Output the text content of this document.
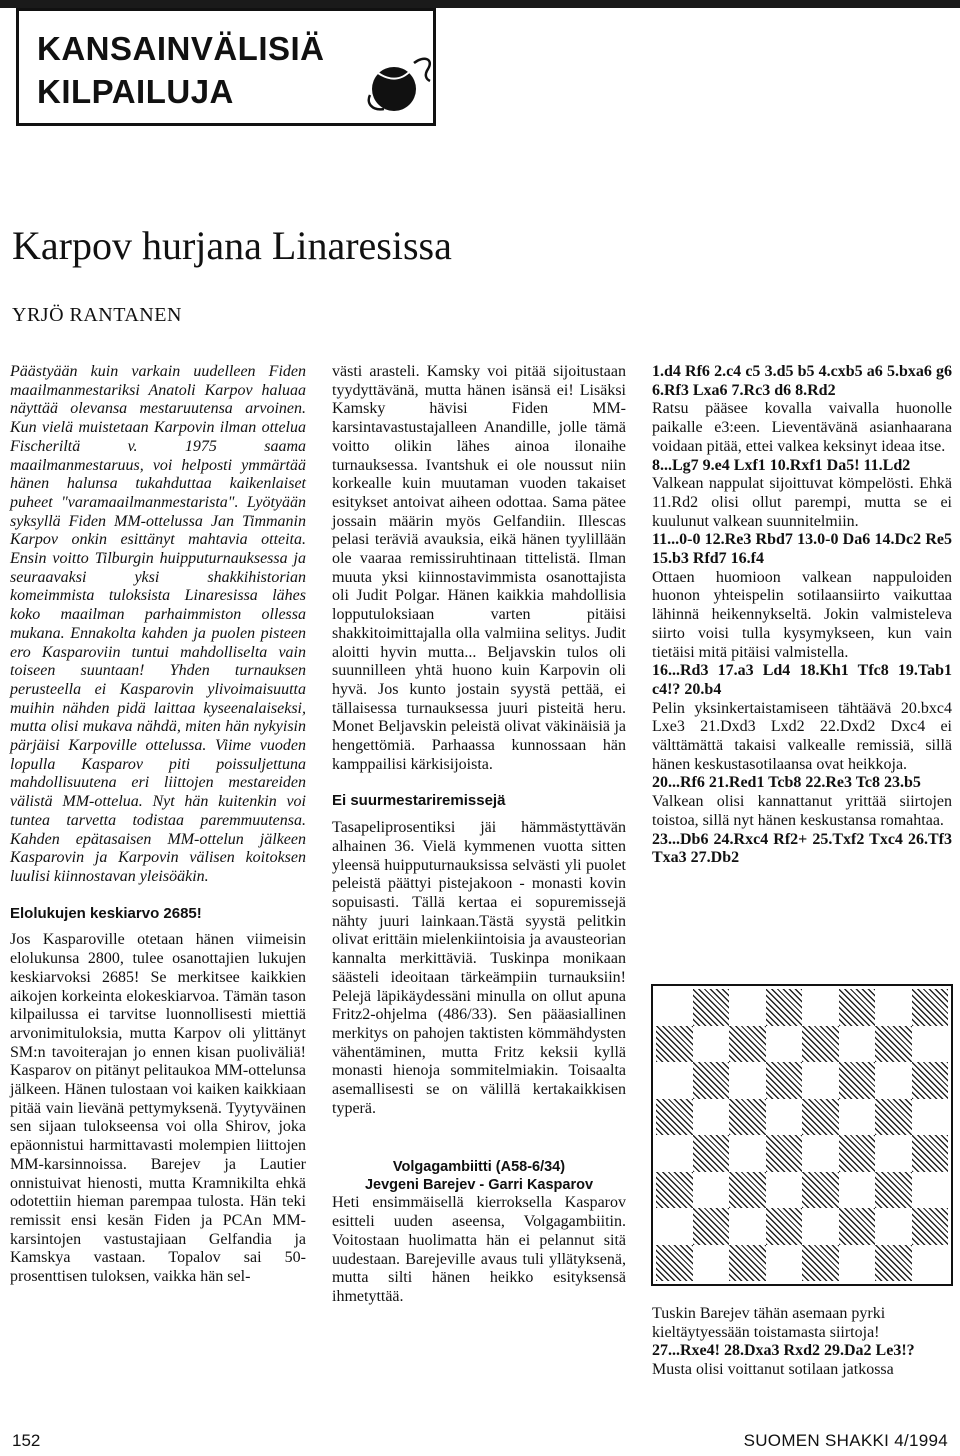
KANSAINVÄLISIÄ
KILPAILUJA
Karpov hurjana Linaresissa
YRJÖ RANTANEN

Päästyään kuin varkain uudelleen Fiden maailmanmestariksi Anatoli Karpov haluaa näyttää olevansa mestaruutensa arvoinen. Kun vielä muistetaan Karpovin ilman ottelua Fischeriltä v. 1975 saama maailmanmestaruus, voi helposti ymmärtää hänen halunsa tukahduttaa kaikenlaiset puheet "varamaailmanmestarista". Lyötyään syksyllä Fiden MM-ottelussa Jan Timmanin Karpov onkin esittänyt mahtavia otteita. Ensin voitto Tilburgin huipputurnauksessa ja seuraavaksi yksi shakkihistorian komeimmista tuloksista Linaresissa lähes koko maailman parhaimmiston ollessa mukana. Ennakolta kahden ja puolen pisteen ero Kasparoviin tuntui mahdolliselta vain toiseen suuntaan! Yhden turnauksen perusteella ei Kasparovin ylivoimaisuutta muihin nähden pidä laittaa kyseenalaiseksi, mutta olisi mukava nähdä, miten hän nykyisin pärjäisi Karpoville ottelussa. Viime vuoden lopulla Kasparov piti poissuljettuna mahdollisuutena eri liittojen mestareiden välistä MM-ottelua. Nyt hän kuitenkin voi tuntea tarvetta todistaa paremmuutensa. Kahden epätasaisen MM-ottelun jälkeen Kasparovin ja Karpovin välisen koitoksen luulisi kiinnostavan yleisöäkin.

Elolukujen keskiarvo 2685!

Jos Kasparoville otetaan hänen viimeisin elolukunsa 2800, tulee osanottajien lukujen keskiarvoksi 2685! Se merkitsee kaikkien aikojen korkeinta elokeskiarvoa. Tämän tason kilpailussa ei tarvitse luonnollisesti miettiä arvonimituloksia, mutta Karpov oli ylittänyt SM:n tavoiterajan jo ennen kisan puoliväliä! Kasparov on pitänyt pelitaukoa MM-ottelunsa jälkeen. Hänen tulostaan voi kaiken kaikkiaan pitää vain lievänä pettymyksenä. Tyytyväinen sen sijaan tulokseensa voi olla Shirov, joka epäonnistui harmittavasti molempien liittojen MM-karsinnoissa. Barejev ja Lautier onnistuivat hienosti, mutta Kramnikilta ehkä odotettiin hieman parempaa tulosta. Hän teki remissit ensi kesän Fiden ja PCAn MM-karsintojen vastustajiaan Gelfandia ja Kamskya vastaan. Topalov sai 50-prosenttisen tuloksen, vaikka hän sel-

västi arasteli. Kamsky voi pitää sijoitustaan tyydyttävänä, mutta hänen isänsä ei! Lisäksi Kamsky hävisi Fiden MM-karsintavastustajalleen Anandille, jolle tämä voitto olikin lähes ainoa ilonaihe turnauksessa. Ivantshuk ei ole noussut niin korkealle kuin muutaman vuoden takaiset esitykset antoivat aiheen odottaa. Sama pätee jossain määrin myös Gelfandiin. Illescas pelasi teräviä avauksia, eikä hänen tyylillään ole vaaraa remissiruhtinaan tittelistä. Ilman muuta yksi kiinnostavimmista osanottajista oli Judit Polgar. Hänen kaikkia mahdollisia lopputuloksiaan varten pitäisi shakkitoimittajalla olla valmiina selitys. Judit aloitti hyvin mutta... Beljavskin tulos oli suunnilleen yhtä huono kuin Karpovin oli hyvä. Jos kunto jostain syystä pettää, ei tällaisessa turnauksessa juuri pisteitä heru. Monet Beljavskin peleistä olivat väkinäisiä ja hengettömiä. Parhaassa kunnossaan hän kamppailisi kärkisijoista.

Ei suurmestariremissejä

Tasapeliprosentiksi jäi hämmästyttävän alhainen 36. Vielä kymmenen vuotta sitten yleensä huipputurnauksissa selvästi yli puolet peleistä päättyi pistejakoon - monasti kovin sopuisasti. Tällä kertaa ei sopuremissejä nähty juuri lainkaan.Tästä syystä pelitkin olivat erittäin mielenkiintoisia ja avausteorian kannalta merkittäviä. Tuskinpa monikaan säästeli ideoitaan tärkeämpiin turnauksiin! Pelejä läpikäydessäni minulla on ollut apuna Fritz2-ohjelma (486/33). Sen pääasiallinen merkitys on pahojen taktisten kömmähdysten vähentäminen, mutta Fritz keksii kyllä monasti hienoja sommitelmiakin. Toisaalta asemallisesti se on välillä kertakaikkisen typerä.

Volgagambiitti (A58-6/34)

Jevgeni Barejev - Garri Kasparov

Heti ensimmäisellä kierroksella Kasparov esitteli uuden aseensa, Volgagambiitin. Voitostaan huolimatta hän ei pelannut sitä uudestaan. Barejeville avaus tuli yllätyksenä, mutta silti hänen heikko esityksensä ihmetyttää.

1.d4 Rf6 2.c4 c5 3.d5 b5 4.cxb5 a6 5.bxa6 g6 6.Rf3 Lxa6 7.Rc3 d6 8.Rd2

Ratsu pääsee kovalla vaivalla huonolle paikalle e3:een. Lieventävänä asianhaarana voidaan pitää, ettei valkea keksinyt ideaa itse.

8...Lg7 9.e4 Lxf1 10.Rxf1 Da5! 11.Ld2

Valkean nappulat sijoittuvat kömpelösti. Ehkä 11.Rd2 olisi ollut parempi, mutta se ei kuulunut valkean suunnitelmiin.

11...0-0 12.Re3 Rbd7 13.0-0 Da6 14.Dc2 Re5 15.b3 Rfd7 16.f4

Ottaen huomioon valkean nappuloiden huonon yhteispelin sotilaansiirto vaikuttaa lähinnä heikennykseltä. Jokin valmisteleva siirto voisi tulla kysymykseen, kun vain tietäisi mitä pitäisi valmistella.

16...Rd3 17.a3 Ld4 18.Kh1 Tfc8 19.Tab1 c4!? 20.b4

Pelin yksinkertaistamiseen tähtäävä 20.bxc4 Lxe3 21.Dxd3 Lxd2 22.Dxd2 Dxc4 ei välttämättä takaisi valkealle remissiä, sillä hänen keskustasotilaansa ovat heikkoja.

20...Rf6 21.Red1 Tcb8 22.Re3 Tc8 23.b5

Valkean olisi kannattanut yrittää siirtojen toistoa, sillä nyt hänen keskustansa romahtaa.

23...Db6 24.Rxc4 Rf2+ 25.Txf2 Txc4 26.Tf3 Txa3 27.Db2

Tuskin Barejev tähän asemaan pyrki kieltäytyessään toistamasta siirtoja!

27...Rxe4! 28.Dxa3 Rxd2 29.Da2 Le3!?

Musta olisi voittanut sotilaan jatkossa

152	SUOMEN SHAKKI 4/1994
